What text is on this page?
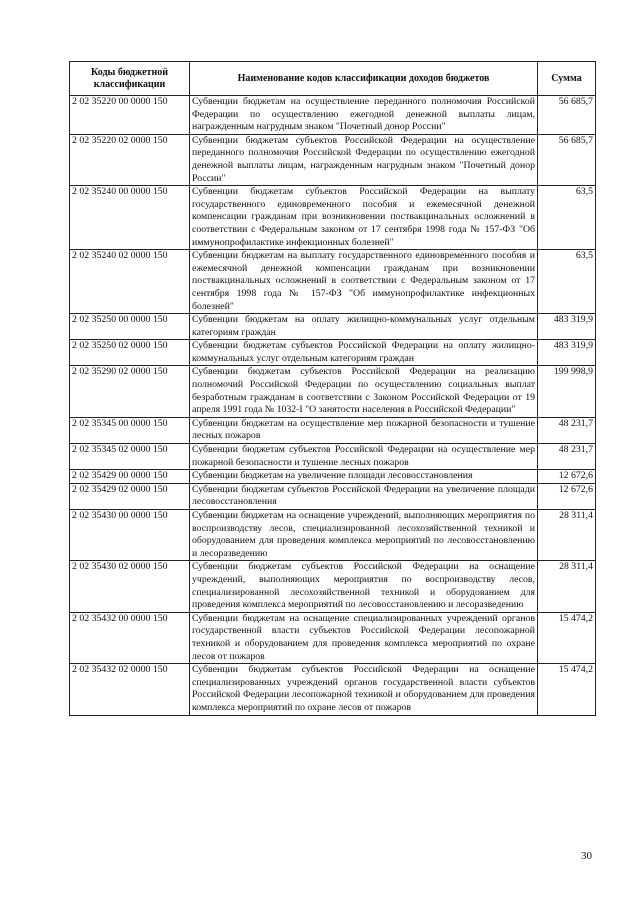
Коды бюджетной классификации	Наименование кодов классификации доходов бюджетов	Сумма
2 02 35220 00 0000 150	Субвенции бюджетам на осуществление переданного полномочия Российской Федерации по осуществлению ежегодной денежной выплаты лицам, награжденным нагрудным знаком "Почетный донор России"	56 685,7
2 02 35220 02 0000 150	Субвенции бюджетам субъектов Российской Федерации на осуществление переданного полномочия Российской Федерации по осуществлению ежегодной денежной выплаты лицам, награжденным нагрудным знаком "Почетный донор России"	56 685,7
2 02 35240 00 0000 150	Субвенции бюджетам субъектов Российской Федерации на выплату государственного единовременного пособия и ежемесячной денежной компенсации гражданам при возникновении поствакцинальных осложнений в соответствии с Федеральным законом от 17 сентября 1998 года № 157-ФЗ "Об иммунопрофилактике инфекционных болезней"	63,5
2 02 35240 02 0000 150	Субвенции бюджетам на выплату государственного единовременного пособия и ежемесячной денежной компенсации гражданам при возникновении поствакцинальных осложнений в соответствии с Федеральным законом от 17 сентября 1998 года № 157-ФЗ "Об иммунопрофилактике инфекционных болезней"	63,5
2 02 35250 00 0000 150	Субвенции бюджетам на оплату жилищно-коммунальных услуг отдельным категориям граждан	483 319,9
2 02 35250 02 0000 150	Субвенции бюджетам субъектов Российской Федерации на оплату жилищно-коммунальных услуг отдельным категориям граждан	483 319,9
2 02 35290 02 0000 150	Субвенции бюджетам субъектов Российской Федерации на реализацию полномочий Российской Федерации по осуществлению социальных выплат безработным гражданам в соответствии с Законом Российской Федерации от 19 апреля 1991 года № 1032-I "О занятости населения в Российской Федерации"	199 998,9
2 02 35345 00 0000 150	Субвенции бюджетам на осуществление мер пожарной безопасности и тушение лесных пожаров	48 231,7
2 02 35345 02 0000 150	Субвенции бюджетам субъектов Российской Федерации на осуществление мер пожарной безопасности и тушение лесных пожаров	48 231,7
2 02 35429 00 0000 150	Субвенции бюджетам на увеличение площади лесовосстановления	12 672,6
2 02 35429 02 0000 150	Субвенции бюджетам субъектов Российской Федерации на увеличение площади лесовосстановления	12 672,6
2 02 35430 00 0000 150	Субвенции бюджетам на оснащение учреждений, выполняющих мероприятия по воспроизводству лесов, специализированной лесохозяйственной техникой и оборудованием для проведения комплекса мероприятий по лесовосстановлению и лесоразведению	28 311,4
2 02 35430 02 0000 150	Субвенции бюджетам субъектов Российской Федерации на оснащение учреждений, выполняющих мероприятия по воспроизводству лесов, специализированной лесохозяйственной техникой и оборудованием для проведения комплекса мероприятий по лесовосстановлению и лесоразведению	28 311,4
2 02 35432 00 0000 150	Субвенции бюджетам на оснащение специализированных учреждений органов государственной власти субъектов Российской Федерации лесопожарной техникой и оборудованием для проведения комплекса мероприятий по охране лесов от пожаров	15 474,2
2 02 35432 02 0000 150	Субвенции бюджетам субъектов Российской Федерации на оснащение специализированных учреждений органов государственной власти субъектов Российской Федерации лесопожарной техникой и оборудованием для проведения комплекса мероприятий по охране лесов от пожаров	15 474,2
30
